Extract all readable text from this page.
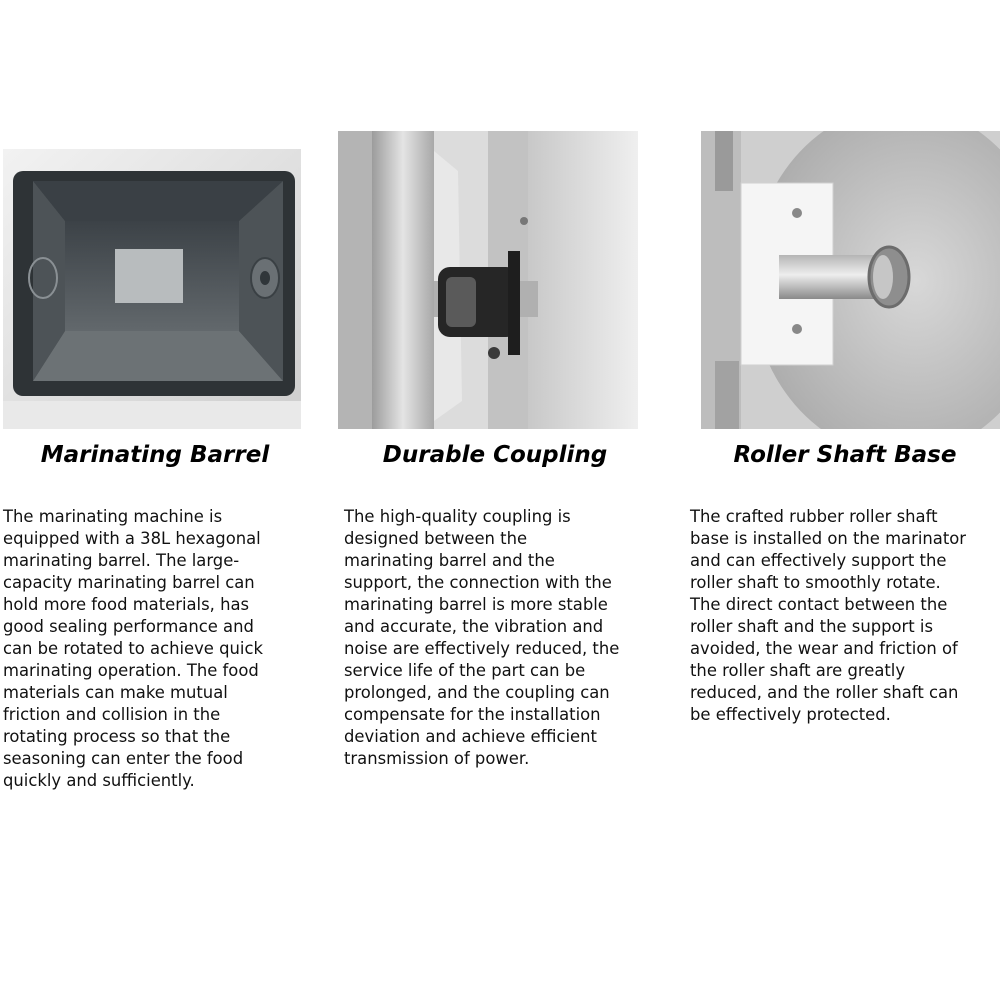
Marinating Barrel

The marinating machine is
equipped with a 38L hexagonal
marinating barrel. The large-
capacity marinating barrel can
hold more food materials, has
good sealing performance and
can be rotated to achieve quick
marinating operation. The food
materials can make mutual
friction and collision in the
rotating process so that the
seasoning can enter the food
quickly and sufficiently.

Durable Coupling

The high-quality coupling is
designed between the
marinating barrel and the
support, the connection with the
marinating barrel is more stable
and accurate, the vibration and
noise are effectively reduced, the
service life of the part can be
prolonged, and the coupling can
compensate for the installation
deviation and achieve efficient
transmission of power.

Roller Shaft Base

The crafted rubber roller shaft
base is installed on the marinator
and can effectively support the
roller shaft to smoothly rotate.
The direct contact between the
roller shaft and the support is
avoided, the wear and friction of
the roller shaft are greatly
reduced, and the roller shaft can
be effectively protected.
